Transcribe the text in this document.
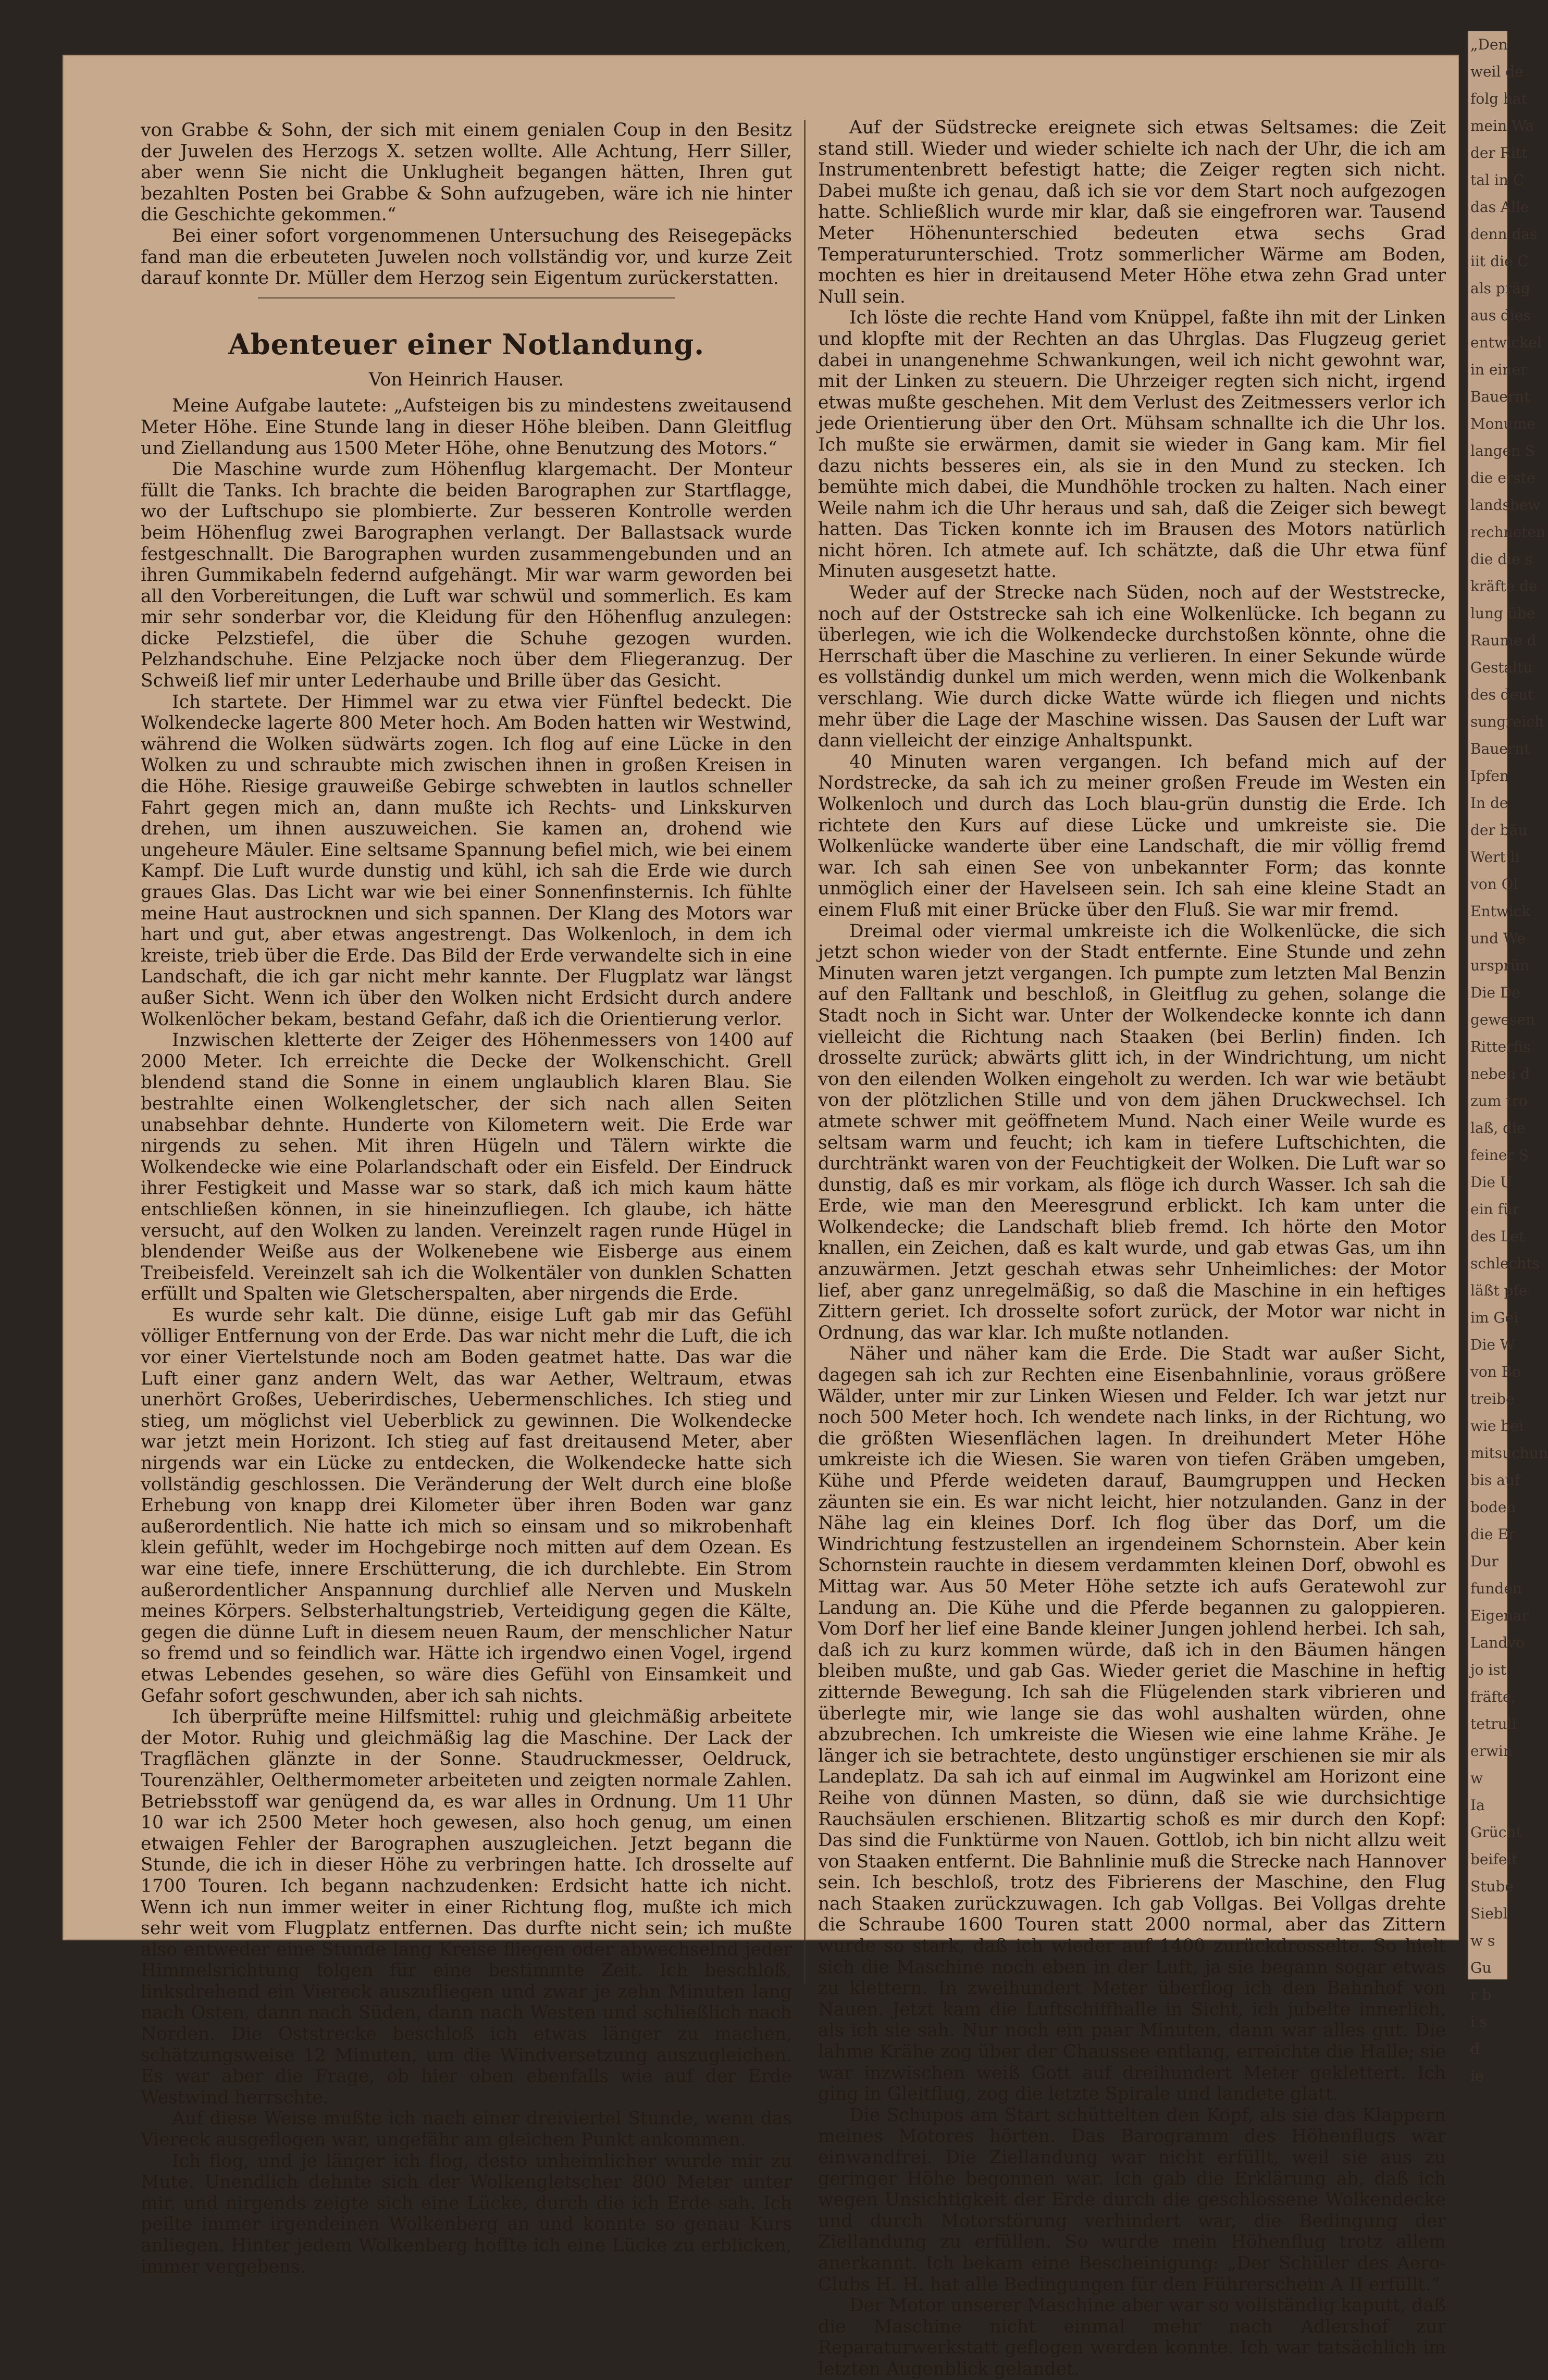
von Grabbe & Sohn, der sich mit einem genialen Coup in den Besitz der Juwelen des Herzogs X. setzen wollte. Alle Achtung, Herr Siller, aber wenn Sie nicht die Unklugheit begangen hätten, Ihren gut bezahlten Posten bei Grabbe & Sohn aufzugeben, wäre ich nie hinter die Geschichte gekommen.“

Bei einer sofort vorgenommenen Untersuchung des Reisegepäcks fand man die erbeuteten Juwelen noch vollständig vor, und kurze Zeit darauf konnte Dr. Müller dem Herzog sein Eigentum zurückerstatten.

Abenteuer einer Notlandung.
Von Heinrich Hauser.

Meine Aufgabe lautete: „Aufsteigen bis zu mindestens zweitausend Meter Höhe. Eine Stunde lang in dieser Höhe bleiben. Dann Gleitflug und Ziellandung aus 1500 Meter Höhe, ohne Benutzung des Motors.“

Die Maschine wurde zum Höhenflug klargemacht. Der Monteur füllt die Tanks. Ich brachte die beiden Barographen zur Startflagge, wo der Luftschupo sie plombierte. Zur besseren Kontrolle werden beim Höhenflug zwei Barographen verlangt. Der Ballastsack wurde festgeschnallt. Die Barographen wurden zusammengebunden und an ihren Gummikabeln federnd aufgehängt. Mir war warm geworden bei all den Vorbereitungen, die Luft war schwül und sommerlich. Es kam mir sehr sonderbar vor, die Kleidung für den Höhenflug anzulegen: dicke Pelzstiefel, die über die Schuhe gezogen wurden. Pelzhandschuhe. Eine Pelzjacke noch über dem Fliegeranzug. Der Schweiß lief mir unter Lederhaube und Brille über das Gesicht.

Ich startete. Der Himmel war zu etwa vier Fünftel bedeckt. Die Wolkendecke lagerte 800 Meter hoch. Am Boden hatten wir Westwind, während die Wolken südwärts zogen. Ich flog auf eine Lücke in den Wolken zu und schraubte mich zwischen ihnen in großen Kreisen in die Höhe. Riesige grauweiße Gebirge schwebten in lautlos schneller Fahrt gegen mich an, dann mußte ich Rechts- und Linkskurven drehen, um ihnen auszuweichen. Sie kamen an, drohend wie ungeheure Mäuler. Eine seltsame Spannung befiel mich, wie bei einem Kampf. Die Luft wurde dunstig und kühl, ich sah die Erde wie durch graues Glas. Das Licht war wie bei einer Sonnenfinsternis. Ich fühlte meine Haut austrocknen und sich spannen. Der Klang des Motors war hart und gut, aber etwas angestrengt. Das Wolkenloch, in dem ich kreiste, trieb über die Erde. Das Bild der Erde verwandelte sich in eine Landschaft, die ich gar nicht mehr kannte. Der Flugplatz war längst außer Sicht. Wenn ich über den Wolken nicht Erdsicht durch andere Wolkenlöcher bekam, bestand Gefahr, daß ich die Orientierung verlor.

Inzwischen kletterte der Zeiger des Höhenmessers von 1400 auf 2000 Meter. Ich erreichte die Decke der Wolkenschicht. Grell blendend stand die Sonne in einem unglaublich klaren Blau. Sie bestrahlte einen Wolkengletscher, der sich nach allen Seiten unabsehbar dehnte. Hunderte von Kilometern weit. Die Erde war nirgends zu sehen. Mit ihren Hügeln und Tälern wirkte die Wolkendecke wie eine Polarlandschaft oder ein Eisfeld. Der Eindruck ihrer Festigkeit und Masse war so stark, daß ich mich kaum hätte entschließen können, in sie hineinzufliegen. Ich glaube, ich hätte versucht, auf den Wolken zu landen. Vereinzelt ragen runde Hügel in blendender Weiße aus der Wolkenebene wie Eisberge aus einem Treibeisfeld. Vereinzelt sah ich die Wolkentäler von dunklen Schatten erfüllt und Spalten wie Gletscherspalten, aber nirgends die Erde.

Es wurde sehr kalt. Die dünne, eisige Luft gab mir das Gefühl völliger Entfernung von der Erde. Das war nicht mehr die Luft, die ich vor einer Viertelstunde noch am Boden geatmet hatte. Das war die Luft einer ganz andern Welt, das war Aether, Weltraum, etwas unerhört Großes, Ueberirdisches, Uebermenschliches. Ich stieg und stieg, um möglichst viel Ueberblick zu gewinnen. Die Wolkendecke war jetzt mein Horizont. Ich stieg auf fast dreitausend Meter, aber nirgends war ein Lücke zu entdecken, die Wolkendecke hatte sich vollständig geschlossen. Die Veränderung der Welt durch eine bloße Erhebung von knapp drei Kilometer über ihren Boden war ganz außerordentlich. Nie hatte ich mich so einsam und so mikrobenhaft klein gefühlt, weder im Hochgebirge noch mitten auf dem Ozean. Es war eine tiefe, innere Erschütterung, die ich durchlebte. Ein Strom außerordentlicher Anspannung durchlief alle Nerven und Muskeln meines Körpers. Selbsterhaltungstrieb, Verteidigung gegen die Kälte, gegen die dünne Luft in diesem neuen Raum, der menschlicher Natur so fremd und so feindlich war. Hätte ich irgendwo einen Vogel, irgend etwas Lebendes gesehen, so wäre dies Gefühl von Einsamkeit und Gefahr sofort geschwunden, aber ich sah nichts.

Ich überprüfte meine Hilfsmittel: ruhig und gleichmäßig arbeitete der Motor. Ruhig und gleichmäßig lag die Maschine. Der Lack der Tragflächen glänzte in der Sonne. Staudruckmesser, Oeldruck, Tourenzähler, Oelthermometer arbeiteten und zeigten normale Zahlen. Betriebsstoff war genügend da, es war alles in Ordnung. Um 11 Uhr 10 war ich 2500 Meter hoch gewesen, also hoch genug, um einen etwaigen Fehler der Barographen auszugleichen. Jetzt begann die Stunde, die ich in dieser Höhe zu verbringen hatte. Ich drosselte auf 1700 Touren. Ich begann nachzudenken: Erdsicht hatte ich nicht. Wenn ich nun immer weiter in einer Richtung flog, mußte ich mich sehr weit vom Flugplatz entfernen. Das durfte nicht sein; ich mußte also entweder eine Stunde lang Kreise fliegen oder abwechselnd jeder Himmelsrichtung folgen für eine bestimmte Zeit. Ich beschloß, linksdrehend ein Viereck auszufliegen und zwar je zehn Minuten lang nach Osten, dann nach Süden, dann nach Westen und schließlich nach Norden. Die Oststrecke beschloß ich etwas länger zu machen, schätzungsweise 12 Minuten, um die Windversetzung auszugleichen. Es war aber die Frage, ob hier oben ebenfalls wie auf der Erde Westwind herrschte.

Auf diese Weise mußte ich nach einer dreiviertel Stunde, wenn das Viereck ausgeflogen war, ungefähr am gleichen Punkt ankommen.

Ich flog, und je länger ich flog, desto unheimlicher wurde mir zu Mute. Unendlich dehnte sich der Wolkengletscher 800 Meter unter mir, und nirgends zeigte sich eine Lücke, durch die ich Erde sah. Ich peilte immer irgendeinen Wolkenberg an und konnte so genau Kurs anliegen. Hinter jedem Wolkenberg hoffte ich eine Lücke zu erblicken, immer vergebens.

Auf der Südstrecke ereignete sich etwas Seltsames: die Zeit stand still. Wieder und wieder schielte ich nach der Uhr, die ich am Instrumentenbrett befestigt hatte; die Zeiger regten sich nicht. Dabei mußte ich genau, daß ich sie vor dem Start noch aufgezogen hatte. Schließlich wurde mir klar, daß sie eingefroren war. Tausend Meter Höhenunterschied bedeuten etwa sechs Grad Temperaturunterschied. Trotz sommerlicher Wärme am Boden, mochten es hier in dreitausend Meter Höhe etwa zehn Grad unter Null sein.

Ich löste die rechte Hand vom Knüppel, faßte ihn mit der Linken und klopfte mit der Rechten an das Uhrglas. Das Flugzeug geriet dabei in unangenehme Schwankungen, weil ich nicht gewohnt war, mit der Linken zu steuern. Die Uhrzeiger regten sich nicht, irgend etwas mußte geschehen. Mit dem Verlust des Zeitmessers verlor ich jede Orientierung über den Ort. Mühsam schnallte ich die Uhr los. Ich mußte sie erwärmen, damit sie wieder in Gang kam. Mir fiel dazu nichts besseres ein, als sie in den Mund zu stecken. Ich bemühte mich dabei, die Mundhöhle trocken zu halten. Nach einer Weile nahm ich die Uhr heraus und sah, daß die Zeiger sich bewegt hatten. Das Ticken konnte ich im Brausen des Motors natürlich nicht hören. Ich atmete auf. Ich schätzte, daß die Uhr etwa fünf Minuten ausgesetzt hatte.

Weder auf der Strecke nach Süden, noch auf der Weststrecke, noch auf der Oststrecke sah ich eine Wolkenlücke. Ich begann zu überlegen, wie ich die Wolkendecke durchstoßen könnte, ohne die Herrschaft über die Maschine zu verlieren. In einer Sekunde würde es vollständig dunkel um mich werden, wenn mich die Wolkenbank verschlang. Wie durch dicke Watte würde ich fliegen und nichts mehr über die Lage der Maschine wissen. Das Sausen der Luft war dann vielleicht der einzige Anhaltspunkt.

40 Minuten waren vergangen. Ich befand mich auf der Nordstrecke, da sah ich zu meiner großen Freude im Westen ein Wolkenloch und durch das Loch blau-grün dunstig die Erde. Ich richtete den Kurs auf diese Lücke und umkreiste sie. Die Wolkenlücke wanderte über eine Landschaft, die mir völlig fremd war. Ich sah einen See von unbekannter Form; das konnte unmöglich einer der Havelseen sein. Ich sah eine kleine Stadt an einem Fluß mit einer Brücke über den Fluß. Sie war mir fremd.

Dreimal oder viermal umkreiste ich die Wolkenlücke, die sich jetzt schon wieder von der Stadt entfernte. Eine Stunde und zehn Minuten waren jetzt vergangen. Ich pumpte zum letzten Mal Benzin auf den Falltank und beschloß, in Gleitflug zu gehen, solange die Stadt noch in Sicht war. Unter der Wolkendecke konnte ich dann vielleicht die Richtung nach Staaken (bei Berlin) finden. Ich drosselte zurück; abwärts glitt ich, in der Windrichtung, um nicht von den eilenden Wolken eingeholt zu werden. Ich war wie betäubt von der plötzlichen Stille und von dem jähen Druckwechsel. Ich atmete schwer mit geöffnetem Mund. Nach einer Weile wurde es seltsam warm und feucht; ich kam in tiefere Luftschichten, die durchtränkt waren von der Feuchtigkeit der Wolken. Die Luft war so dunstig, daß es mir vorkam, als flöge ich durch Wasser. Ich sah die Erde, wie man den Meeresgrund erblickt. Ich kam unter die Wolkendecke; die Landschaft blieb fremd. Ich hörte den Motor knallen, ein Zeichen, daß es kalt wurde, und gab etwas Gas, um ihn anzuwärmen. Jetzt geschah etwas sehr Unheimliches: der Motor lief, aber ganz unregelmäßig, so daß die Maschine in ein heftiges Zittern geriet. Ich drosselte sofort zurück, der Motor war nicht in Ordnung, das war klar. Ich mußte notlanden.

Näher und näher kam die Erde. Die Stadt war außer Sicht, dagegen sah ich zur Rechten eine Eisenbahnlinie, voraus größere Wälder, unter mir zur Linken Wiesen und Felder. Ich war jetzt nur noch 500 Meter hoch. Ich wendete nach links, in der Richtung, wo die größten Wiesenflächen lagen. In dreihundert Meter Höhe umkreiste ich die Wiesen. Sie waren von tiefen Gräben umgeben, Kühe und Pferde weideten darauf, Baumgruppen und Hecken zäunten sie ein. Es war nicht leicht, hier notzulanden. Ganz in der Nähe lag ein kleines Dorf. Ich flog über das Dorf, um die Windrichtung festzustellen an irgendeinem Schornstein. Aber kein Schornstein rauchte in diesem verdammten kleinen Dorf, obwohl es Mittag war. Aus 50 Meter Höhe setzte ich aufs Geratewohl zur Landung an. Die Kühe und die Pferde begannen zu galoppieren. Vom Dorf her lief eine Bande kleiner Jungen johlend herbei. Ich sah, daß ich zu kurz kommen würde, daß ich in den Bäumen hängen bleiben mußte, und gab Gas. Wieder geriet die Maschine in heftig zitternde Bewegung. Ich sah die Flügelenden stark vibrieren und überlegte mir, wie lange sie das wohl aushalten würden, ohne abzubrechen. Ich umkreiste die Wiesen wie eine lahme Krähe. Je länger ich sie betrachtete, desto ungünstiger erschienen sie mir als Landeplatz. Da sah ich auf einmal im Augwinkel am Horizont eine Reihe von dünnen Masten, so dünn, daß sie wie durchsichtige Rauchsäulen erschienen. Blitzartig schoß es mir durch den Kopf: Das sind die Funktürme von Nauen. Gottlob, ich bin nicht allzu weit von Staaken entfernt. Die Bahnlinie muß die Strecke nach Hannover sein. Ich beschloß, trotz des Fibrierens der Maschine, den Flug nach Staaken zurückzuwagen. Ich gab Vollgas. Bei Vollgas drehte die Schraube 1600 Touren statt 2000 normal, aber das Zittern wurde so stark, daß ich wieder auf 1400 zurückdrosselte. So hielt sich die Maschine noch eben in der Luft, ja sie begann sogar etwas zu klettern. In zweihundert Meter überflog ich den Bahnhof von Nauen. Jetzt kam die Luftschiffhalle in Sicht, ich jubelte innerlich, als ich sie sah. Nur noch ein paar Minuten, dann war alles gut. Die lahme Krähe zog über der Chaussee entlang, erreichte die Halle; sie war inzwischen weiß Gott auf dreihundert Meter geklettert. Ich ging in Gleitflug, zog die letzte Spirale und landete glatt.

Die Schupos am Start schüttelten den Kopf, als sie das Klappern meines Motores hörten. Das Barogramm des Höhenflugs war einwandfrei. Die Ziellandung war nicht erfüllt, weil sie aus zu geringer Höhe begonnen war. Ich gab die Erklärung ab, daß ich wegen Unsichtigkeit der Erde durch die geschlossene Wolkendecke und durch Motorstörung verhindert war, die Bedingung der Ziellandung zu erfüllen. So wurde mein Höhenflug trotz allem anerkannt. Ich bekam eine Bescheinigung: „Der Schüler des Aero-Clubs H. H. hat alle Bedingungen für den Führerschein A II erfüllt.“

Der Motor unserer Maschine aber war so vollständig kaputt, daß die Maschine nicht einmal mehr nach Adlershof zur Reparaturwerkstatt geflogen werden konnte. Ich war tatsächlich im letzten Augenblick gelandet.

„Den
weil de
folg hat
mein Wa
der Ritt
tal in C
das Alle
denn das
iit die C
als präg
aus dies
entwickel
in einer
Bauernt
Monume
langen S
die erste
landsbew
rechneten
die die s
kräfte de
lung übe
Raume d
Gestaltu
des deut
sungreich
Bauernt
Ipfen
In de
der bäu
Wert li
von Ol
Entwick
und We
ursprün
Die De
gewesen
Ritterfis
neben d
zum tro
laß, die
feiner S
Die U
ein für
des Let
schlechts
läßt pfe
im Gei
Die W
von Bo
treibe
wie bei
mitsuchun
bis auf
boden
die Er
Dur
funden
Eigenar
Landvo
jo ist
fräfte,
tetruli
erwin
w
Ia
Grücht
beifeit
Stube
Siebl
w s
Gu
r b
i s
d
ie
